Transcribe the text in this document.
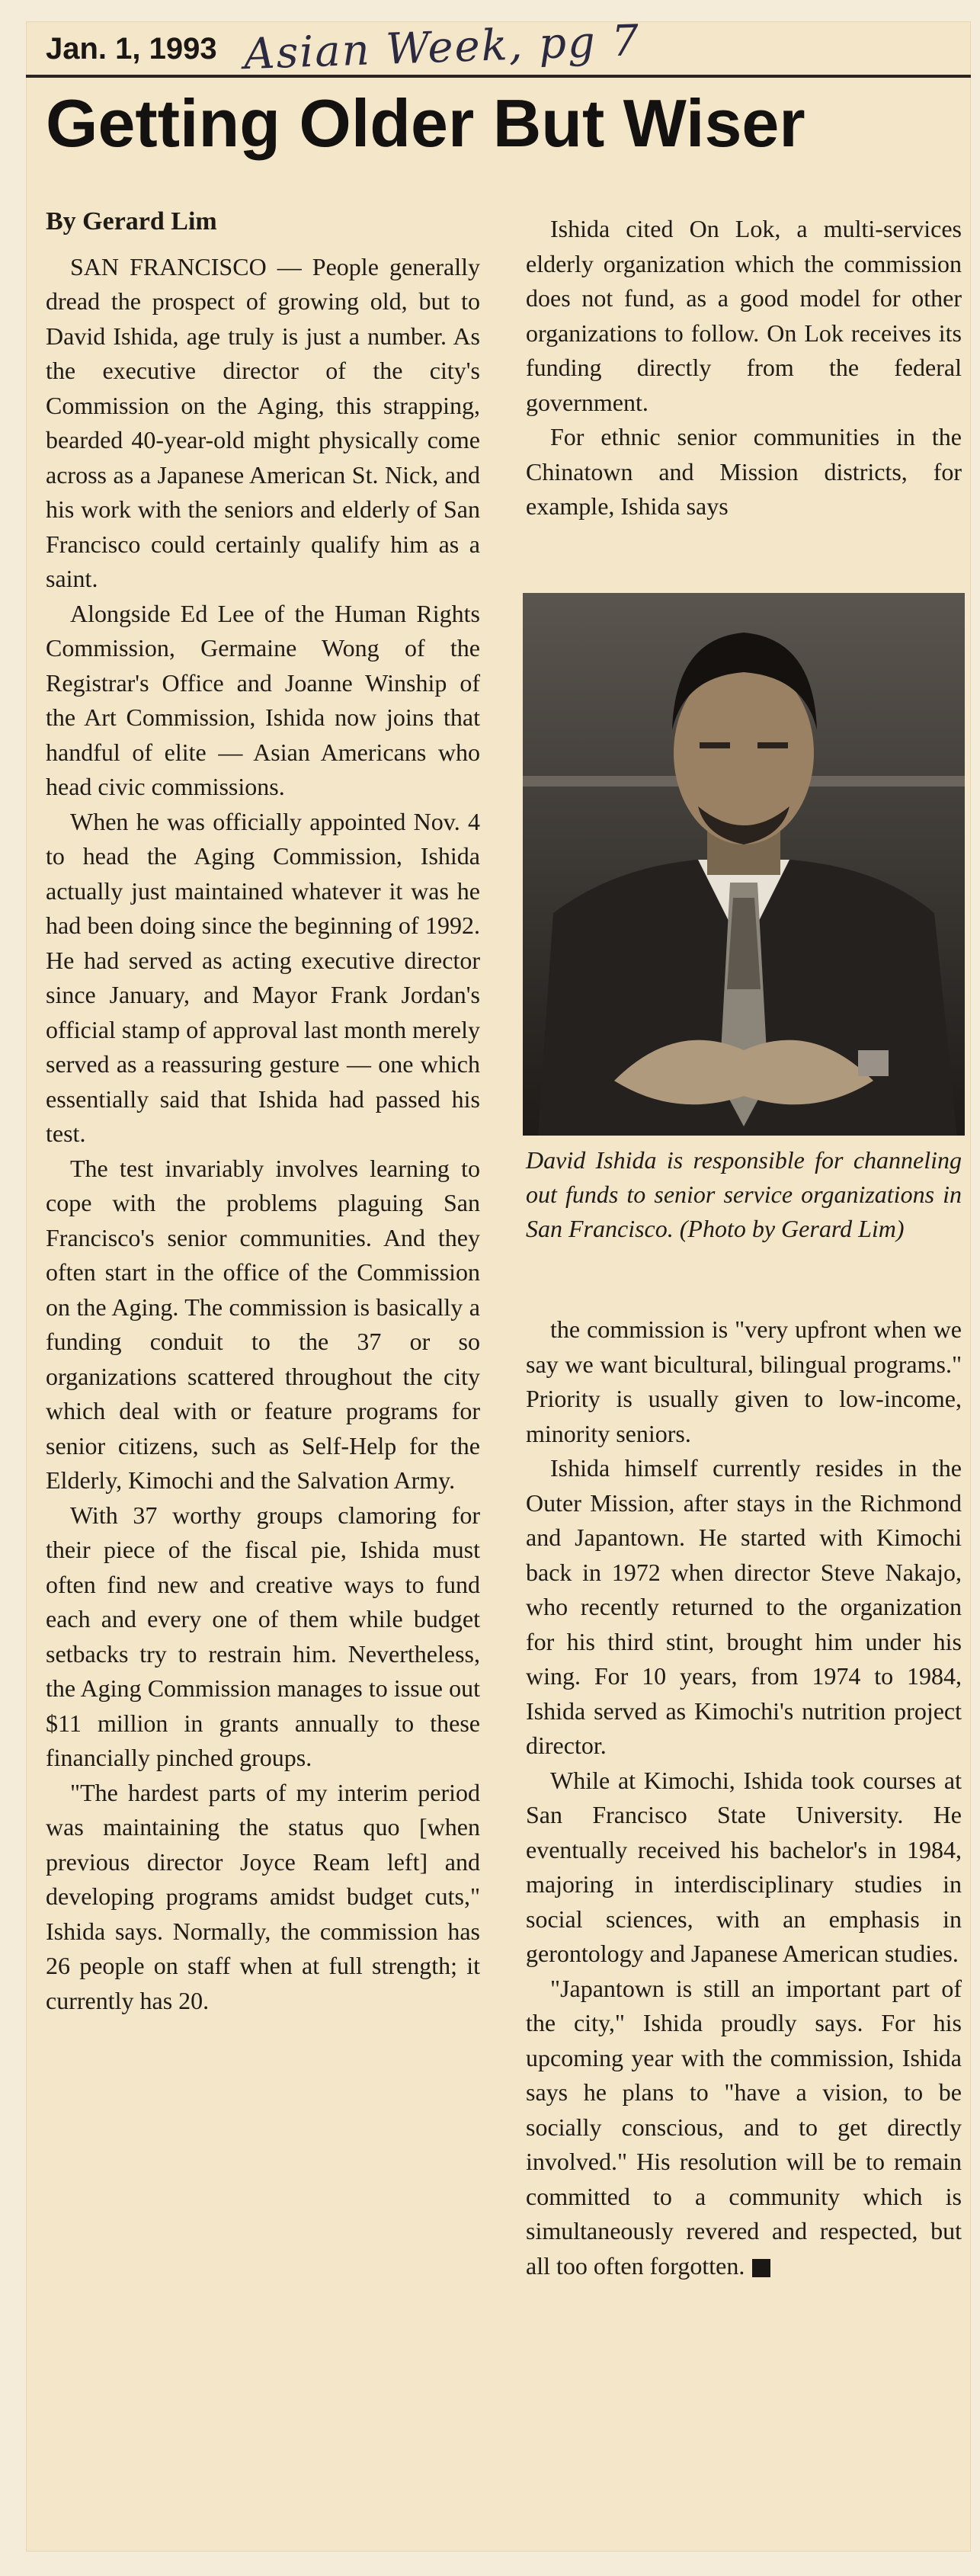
Jan. 1, 1993 Asian Week, pg 7
Getting Older But Wiser

By Gerard Lim

SAN FRANCISCO — People generally dread the prospect of growing old, but to David Ishida, age truly is just a number. As the executive director of the city's Commission on the Aging, this strapping, bearded 40-year-old might physically come across as a Japanese American St. Nick, and his work with the seniors and elderly of San Francisco could certainly qualify him as a saint.

Alongside Ed Lee of the Human Rights Commission, Germaine Wong of the Registrar's Office and Joanne Winship of the Art Commission, Ishida now joins that handful of elite — Asian Americans who head civic commissions.

When he was officially appointed Nov. 4 to head the Aging Commission, Ishida actually just maintained whatever it was he had been doing since the beginning of 1992. He had served as acting executive director since January, and Mayor Frank Jordan's official stamp of approval last month merely served as a reassuring gesture — one which essentially said that Ishida had passed his test.

The test invariably involves learning to cope with the problems plaguing San Francisco's senior communities. And they often start in the office of the Commission on the Aging. The commission is basically a funding conduit to the 37 or so organizations scattered throughout the city which deal with or feature programs for senior citizens, such as Self-Help for the Elderly, Kimochi and the Salvation Army.

With 37 worthy groups clamoring for their piece of the fiscal pie, Ishida must often find new and creative ways to fund each and every one of them while budget setbacks try to restrain him. Nevertheless, the Aging Commission manages to issue out $11 million in grants annually to these financially pinched groups.

"The hardest parts of my interim period was maintaining the status quo [when previous director Joyce Ream left] and developing programs amidst budget cuts," Ishida says. Normally, the commission has 26 people on staff when at full strength; it currently has 20.

Ishida cited On Lok, a multi-services elderly organization which the commission does not fund, as a good model for other organizations to follow. On Lok receives its funding directly from the federal government.

For ethnic senior communities in the Chinatown and Mission districts, for example, Ishida says

David Ishida is responsible for channeling out funds to senior service organizations in San Francisco. (Photo by Gerard Lim)

the commission is "very upfront when we say we want bicultural, bilingual programs." Priority is usually given to low-income, minority seniors.

Ishida himself currently resides in the Outer Mission, after stays in the Richmond and Japantown. He started with Kimochi back in 1972 when director Steve Nakajo, who recently returned to the organization for his third stint, brought him under his wing. For 10 years, from 1974 to 1984, Ishida served as Kimochi's nutrition project director.

While at Kimochi, Ishida took courses at San Francisco State University. He eventually received his bachelor's in 1984, majoring in interdisciplinary studies in social sciences, with an emphasis in gerontology and Japanese American studies.

"Japantown is still an important part of the city," Ishida proudly says. For his upcoming year with the commission, Ishida says he plans to "have a vision, to be socially conscious, and to get directly involved." His resolution will be to remain committed to a community which is simultaneously revered and respected, but all too often forgotten.
